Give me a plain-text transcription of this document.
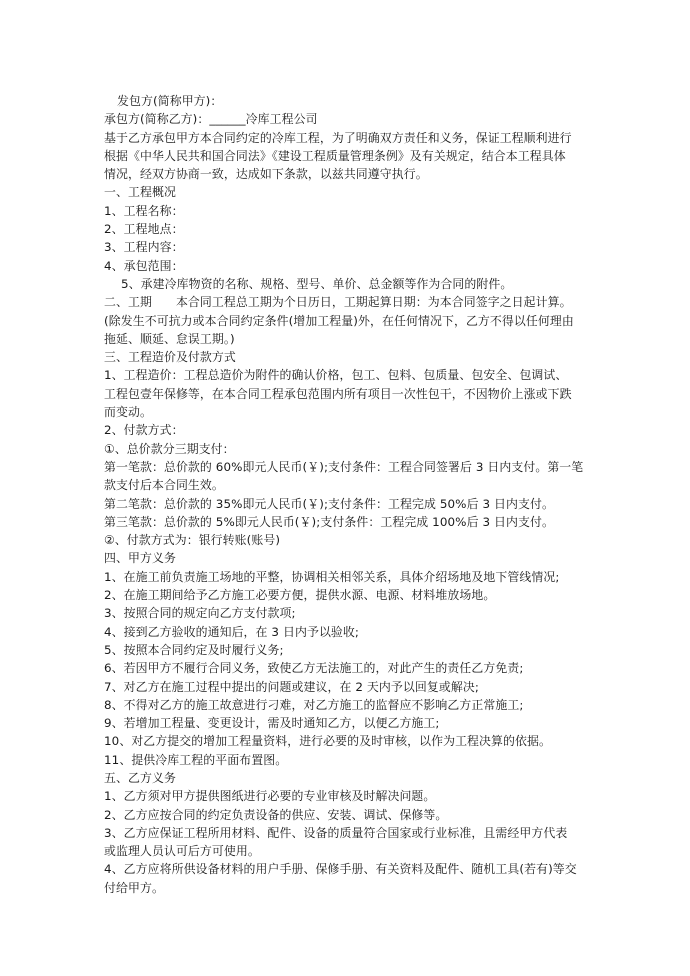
发包方(简称甲方)：
承包方(简称乙方)：______冷库工程公司
基于乙方承包甲方本合同约定的冷库工程，为了明确双方责任和义务，保证工程顺利进行
根据《中华人民共和国合同法》《建设工程质量管理条例》及有关规定，结合本工程具体
情况，经双方协商一致，达成如下条款，以兹共同遵守执行。
一、工程概况
1、工程名称：
2、工程地点：
3、工程内容：
4、承包范围：
5、承建冷库物资的名称、规格、型号、单价、总金额等作为合同的附件。
二、工期　　本合同工程总工期为个日历日，工期起算日期：为本合同签字之日起计算。
(除发生不可抗力或本合同约定条件(增加工程量)外，在任何情况下，乙方不得以任何理由
拖延、顺延、怠误工期。)
三、工程造价及付款方式
1、工程造价：工程总造价为附件的确认价格，包工、包料、包质量、包安全、包调试、
工程包壹年保修等，在本合同工程承包范围内所有项目一次性包干，不因物价上涨或下跌
而变动。
2、付款方式：
①、总价款分三期支付：
第一笔款：总价款的 60%即元人民币(￥);支付条件：工程合同签署后 3 日内支付。第一笔
款支付后本合同生效。
第二笔款：总价款的 35%即元人民币(￥);支付条件：工程完成 50%后 3 日内支付。
第三笔款：总价款的 5%即元人民币(￥);支付条件：工程完成 100%后 3 日内支付。
②、付款方式为：银行转账(账号)
四、甲方义务
1、在施工前负责施工场地的平整，协调相关相邻关系，具体介绍场地及地下管线情况;
2、在施工期间给予乙方施工必要方便，提供水源、电源、材料堆放场地。
3、按照合同的规定向乙方支付款项;
4、接到乙方验收的通知后，在 3 日内予以验收;
5、按照本合同约定及时履行义务;
6、若因甲方不履行合同义务，致使乙方无法施工的，对此产生的责任乙方免责;
7、对乙方在施工过程中提出的问题或建议，在 2 天内予以回复或解决;
8、不得对乙方的施工故意进行刁难，对乙方施工的监督应不影响乙方正常施工;
9、若增加工程量、变更设计，需及时通知乙方，以便乙方施工;
10、对乙方提交的增加工程量资料，进行必要的及时审核，以作为工程决算的依据。
11、提供冷库工程的平面布置图。
五、乙方义务
1、乙方须对甲方提供图纸进行必要的专业审核及时解决问题。
2、乙方应按合同的约定负责设备的供应、安装、调试、保修等。
3、乙方应保证工程所用材料、配件、设备的质量符合国家或行业标准，且需经甲方代表
或监理人员认可后方可使用。
4、乙方应将所供设备材料的用户手册、保修手册、有关资料及配件、随机工具(若有)等交
付给甲方。
